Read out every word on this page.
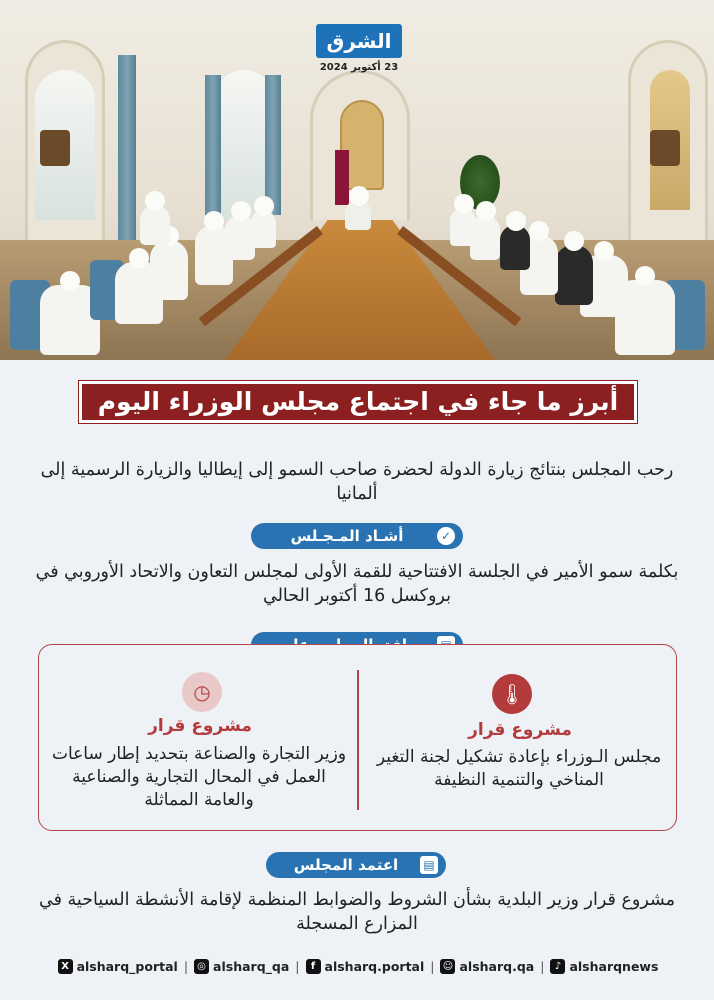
الشرق
23 أكتوبر 2024
أبرز ما جاء في اجتماع مجلس الوزراء اليوم
رحب المجلس بنتائج زيارة الدولة لحضرة صاحب السمو إلى إيطاليا والزيارة الرسمية إلى ألمانيا
✓
أشـاد المـجـلس
بكلمة سمو الأمير في الجلسة الافتتاحية للقمة الأولى لمجلس التعاون والاتحاد الأوروبي في بروكسل 16 أكتوبر الحالي
🌡
مشروع قرار
مجلس الـوزراء بإعادة تشكيل لجنة التغير المناخي والتنمية النظيفة
◷
مشروع قرار
وزير التجارة والصناعة بتحديد إطار ساعات العمل في المحال التجارية والصناعية والعامة المماثلة
▤
اعتمد المجلس
مشروع قرار وزير البلدية بشأن الشروط والضوابط المنظمة لإقامة الأنشطة السياحية في المزارع المسجلة
X alsharq_portal | ◎ alsharq_qa |	f alsharq.portal | ☺ alsharq.qa |	♪ alsharqnews
